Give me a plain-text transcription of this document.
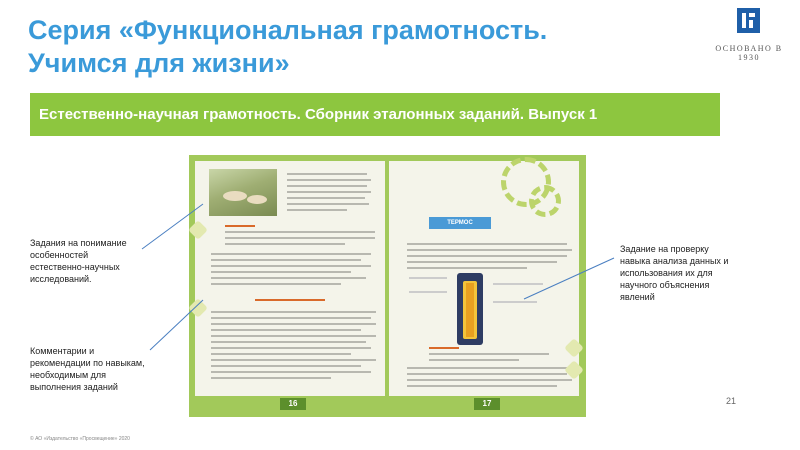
Серия «Функциональная грамотность.
Учимся для жизни»	ОСНОВАНО В 1930
Естественно-научная грамотность. Сборник эталонных заданий. Выпуск 1
16
ТЕРМОС
17
Задания на понимание особенностей естественно-научных исследований.
Комментарии и рекомендации по навыкам, необходимым для выполнения заданий
Задание на проверку навыка анализа данных и использования их для научного объяснения явлений
21
© АО «Издательство «Просвещение» 2020
